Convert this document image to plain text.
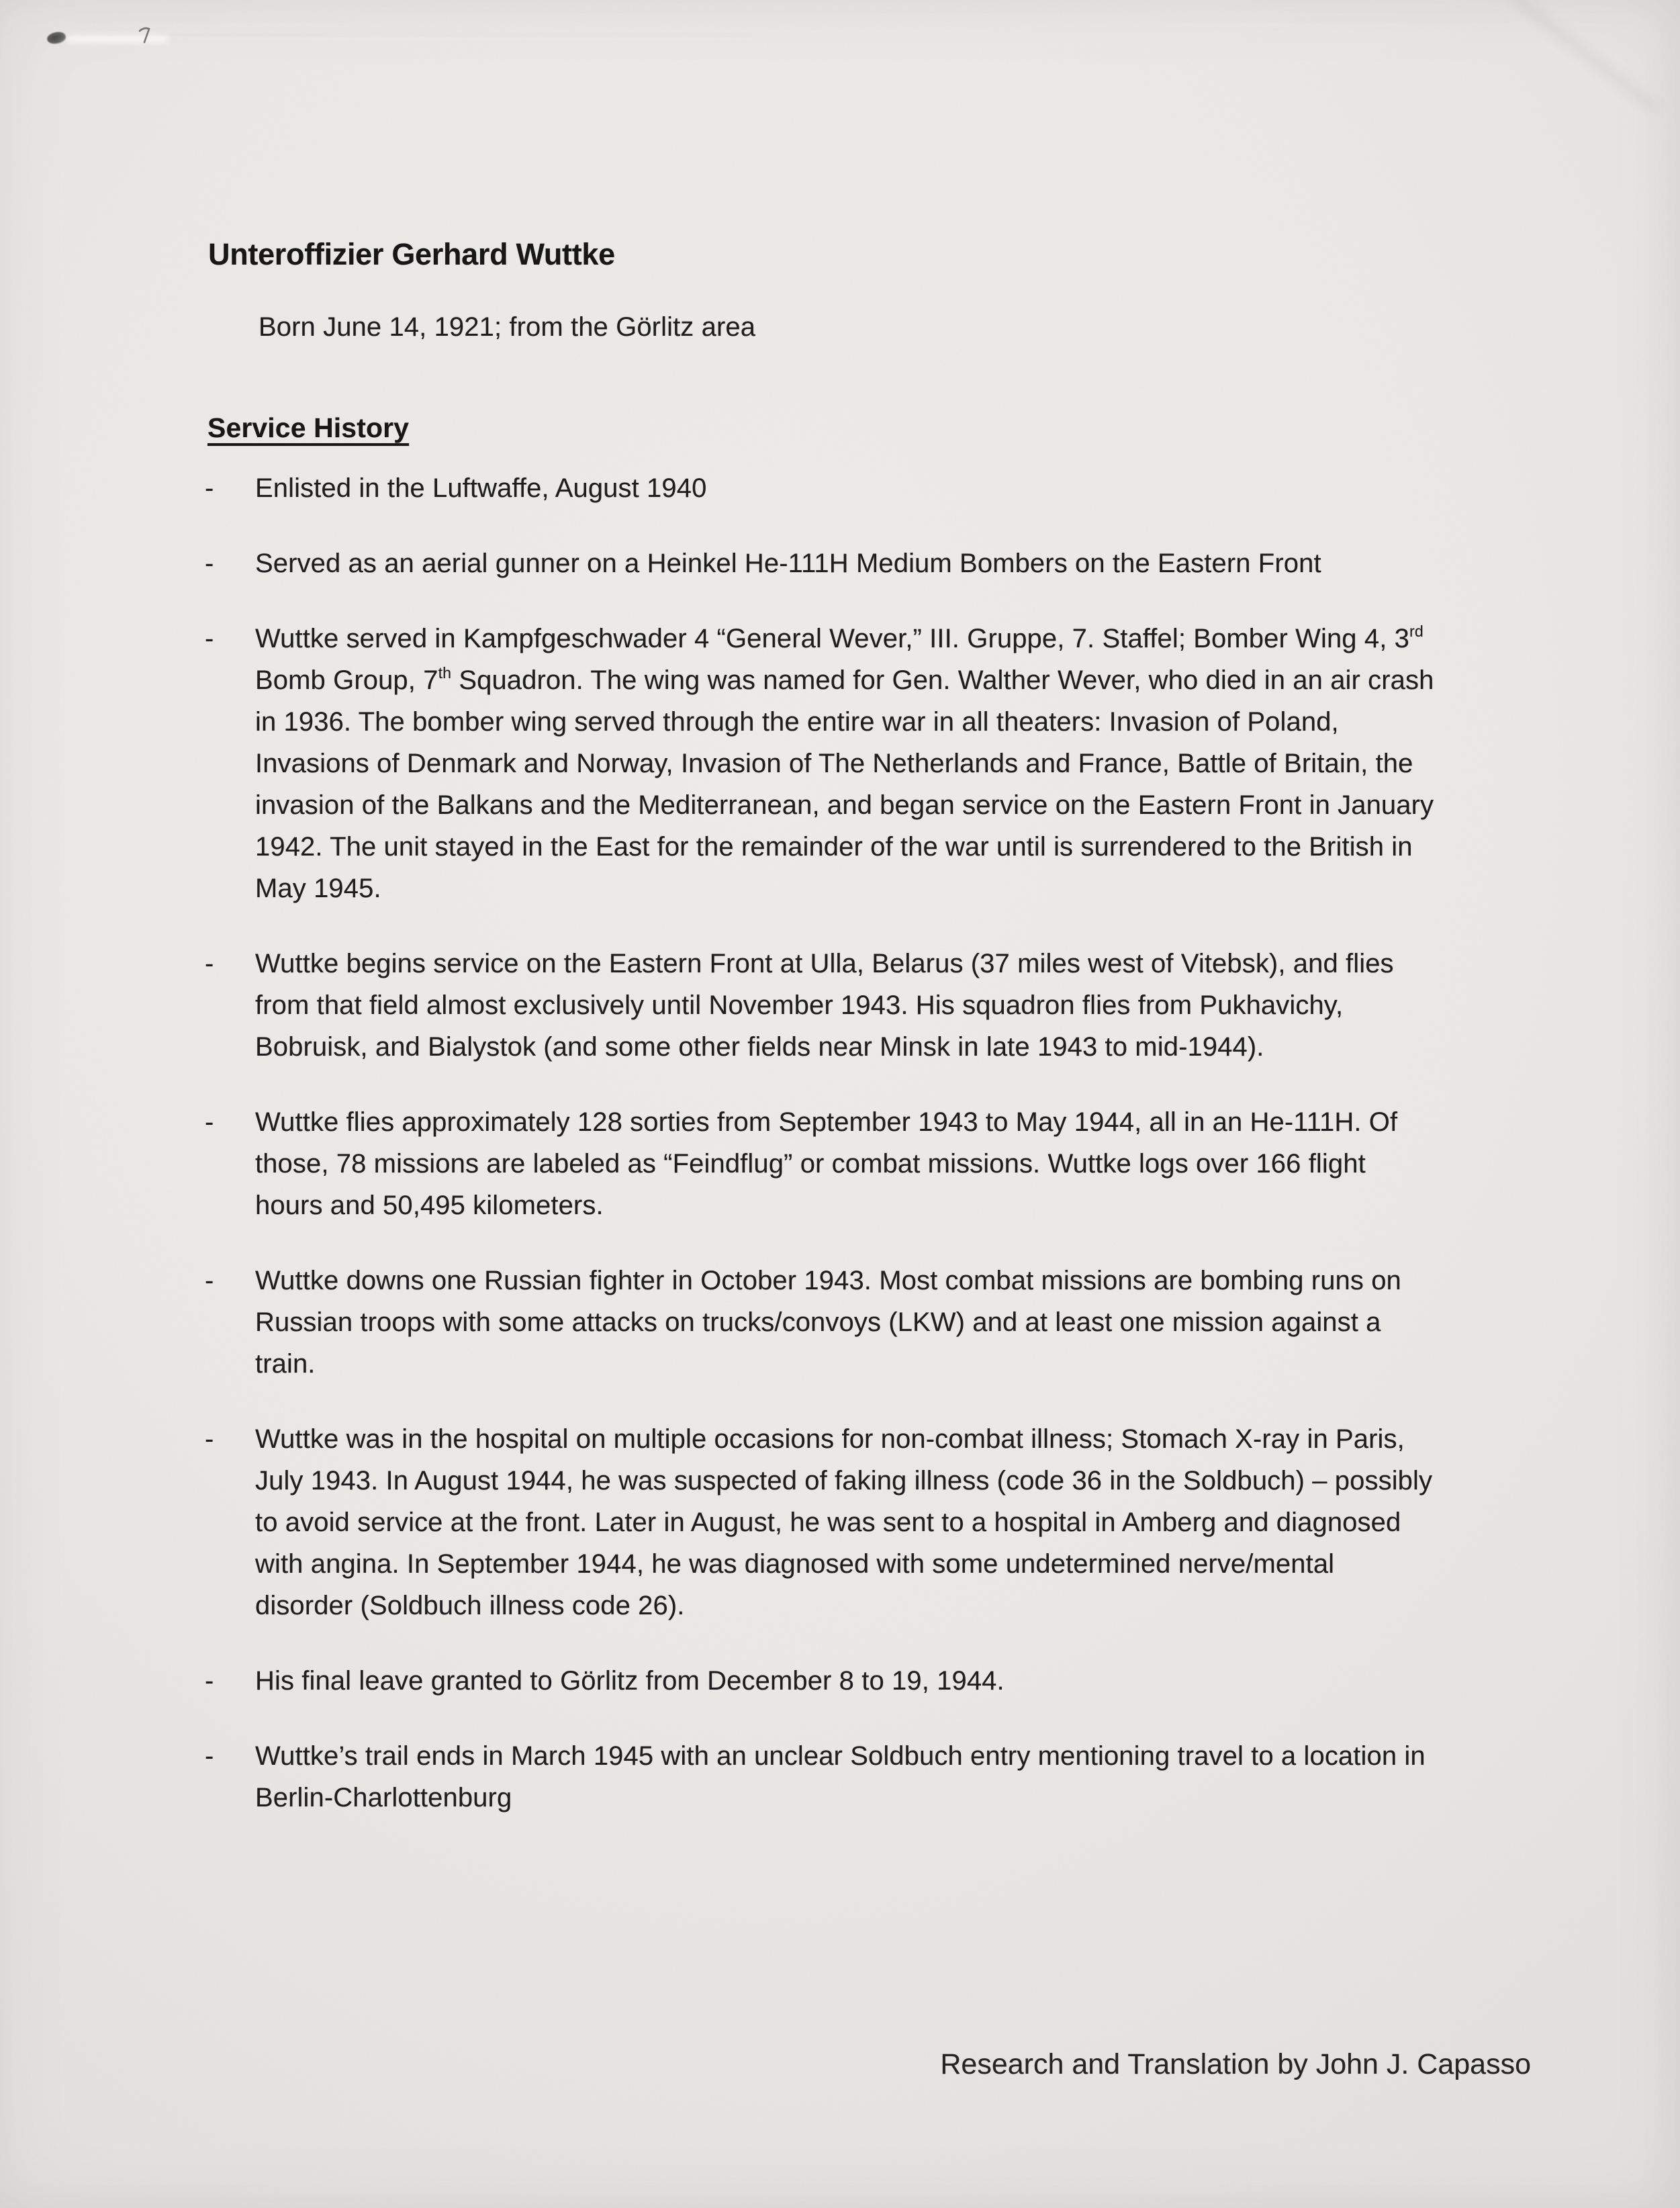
Unteroffizier Gerhard Wuttke

Born June 14, 1921; from the Görlitz area

Service History
-	Enlisted in the Luftwaffe, August 1940
-	Served as an aerial gunner on a Heinkel He-111H Medium Bombers on the Eastern Front
-	Wuttke served in Kampfgeschwader 4 “General Wever,” III. Gruppe, 7. Staffel; Bomber Wing 4, 3rd Bomb Group, 7th Squadron. The wing was named for Gen. Walther Wever, who died in an air crash in 1936. The bomber wing served through the entire war in all theaters: Invasion of Poland, Invasions of Denmark and Norway, Invasion of The Netherlands and France, Battle of Britain, the invasion of the Balkans and the Mediterranean, and began service on the Eastern Front in January 1942. The unit stayed in the East for the remainder of the war until is surrendered to the British in May 1945.
-	Wuttke begins service on the Eastern Front at Ulla, Belarus (37 miles west of Vitebsk), and flies from that field almost exclusively until November 1943. His squadron flies from Pukhavichy, Bobruisk, and Bialystok (and some other fields near Minsk in late 1943 to mid-1944).
-	Wuttke flies approximately 128 sorties from September 1943 to May 1944, all in an He-111H. Of those, 78 missions are labeled as “Feindflug” or combat missions. Wuttke logs over 166 flight hours and 50,495 kilometers.
-	Wuttke downs one Russian fighter in October 1943. Most combat missions are bombing runs on Russian troops with some attacks on trucks/convoys (LKW) and at least one mission against a train.
-	Wuttke was in the hospital on multiple occasions for non-combat illness; Stomach X-ray in Paris, July 1943. In August 1944, he was suspected of faking illness (code 36 in the Soldbuch) – possibly to avoid service at the front. Later in August, he was sent to a hospital in Amberg and diagnosed with angina. In September 1944, he was diagnosed with some undetermined nerve/mental disorder (Soldbuch illness code 26).
-	His final leave granted to Görlitz from December 8 to 19, 1944.
-	Wuttke’s trail ends in March 1945 with an unclear Soldbuch entry mentioning travel to a location in Berlin-Charlottenburg
Research and Translation by John J. Capasso
